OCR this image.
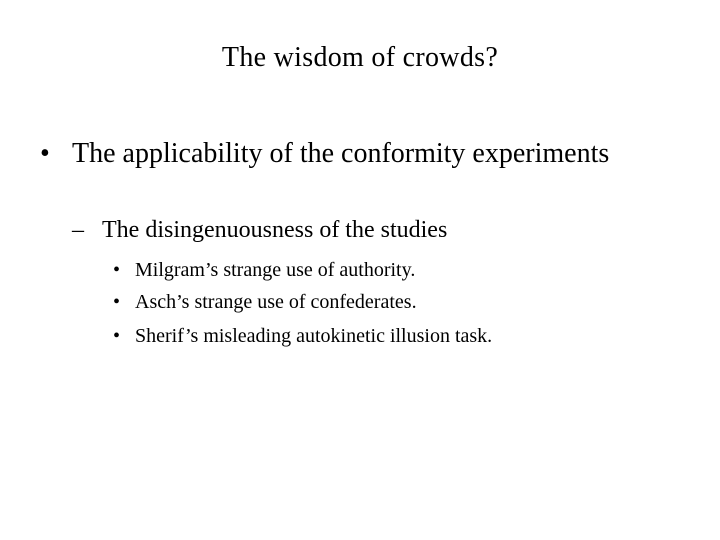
The wisdom of crowds?
• The applicability of the conformity experiments
– The disingenuousness of the studies
• Milgram’s strange use of authority.
• Asch’s strange use of confederates.
• Sherif’s misleading autokinetic illusion task.
